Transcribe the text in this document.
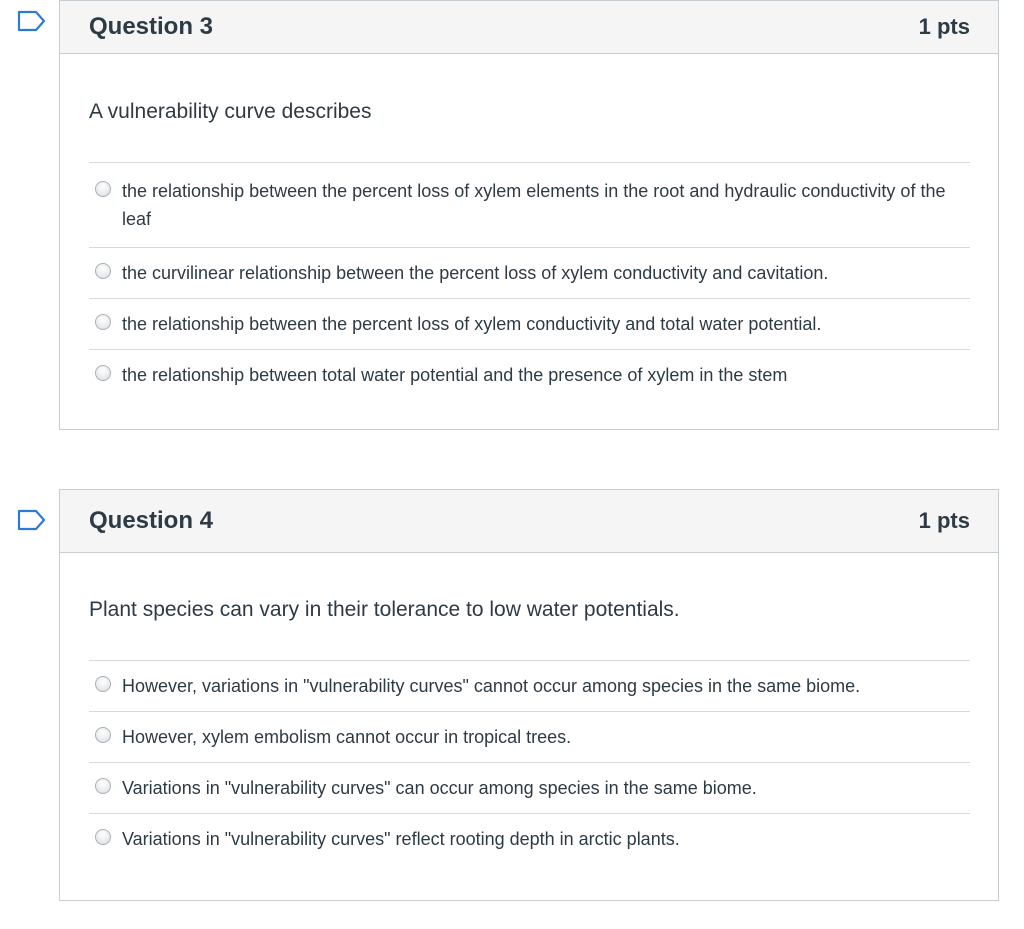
Question 3	1 pts

A vulnerability curve describes

the relationship between the percent loss of xylem elements in the root and hydraulic conductivity of the leaf
the curvilinear relationship between the percent loss of xylem conductivity and cavitation.
the relationship between the percent loss of xylem conductivity and total water potential.
the relationship between total water potential and the presence of xylem in the stem
Question 4	1 pts

Plant species can vary in their tolerance to low water potentials.

However, variations in "vulnerability curves" cannot occur among species in the same biome.
However, xylem embolism cannot occur in tropical trees.
Variations in "vulnerability curves" can occur among species in the same biome.
Variations in "vulnerability curves" reflect rooting depth in arctic plants.
